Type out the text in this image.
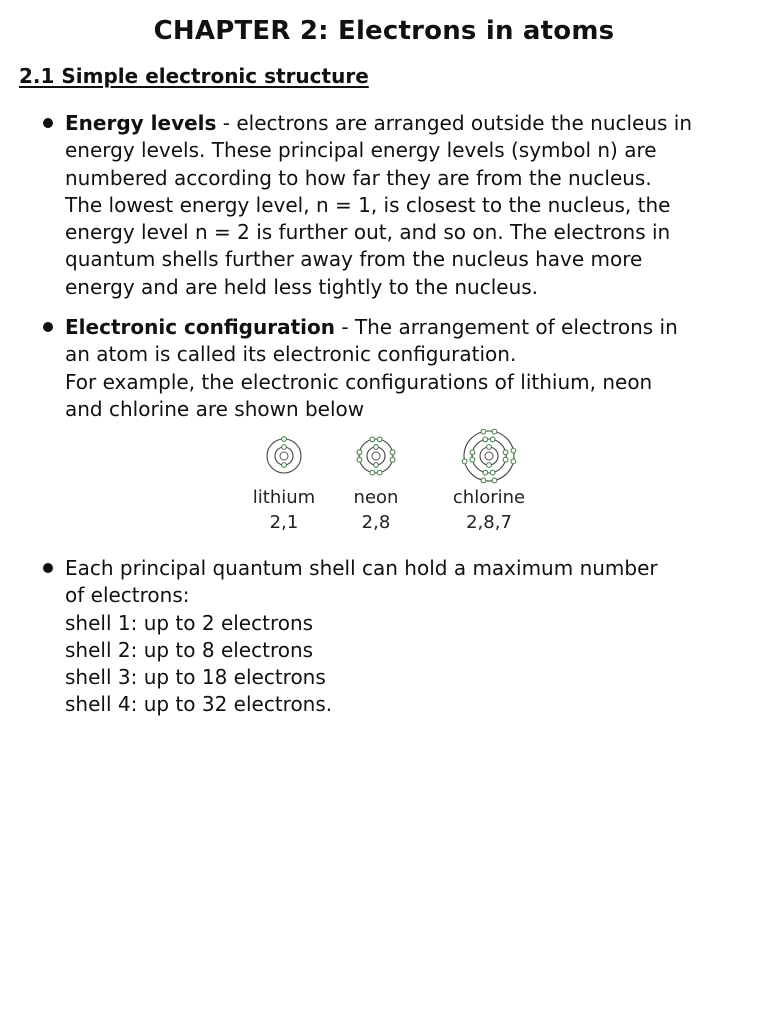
CHAPTER 2: Electrons in atoms
2.1 Simple electronic structure

Energy levels - electrons are arranged outside the nucleus in
energy levels. These principal energy levels (symbol n) are
numbered according to how far they are from the nucleus.
The lowest energy level, n = 1, is closest to the nucleus, the
energy level n = 2 is further out, and so on. The electrons in
quantum shells further away from the nucleus have more
energy and are held less tightly to the nucleus.

Electronic configuration - The arrangement of electrons in
an atom is called its electronic configuration.
For example, the electronic configurations of lithium, neon
and chlorine are shown below

lithium
2,1
neon
2,8
chlorine
2,8,7

Each principal quantum shell can hold a maximum number
of electrons:
shell 1: up to 2 electrons
shell 2: up to 8 electrons
shell 3: up to 18 electrons
shell 4: up to 32 electrons.
